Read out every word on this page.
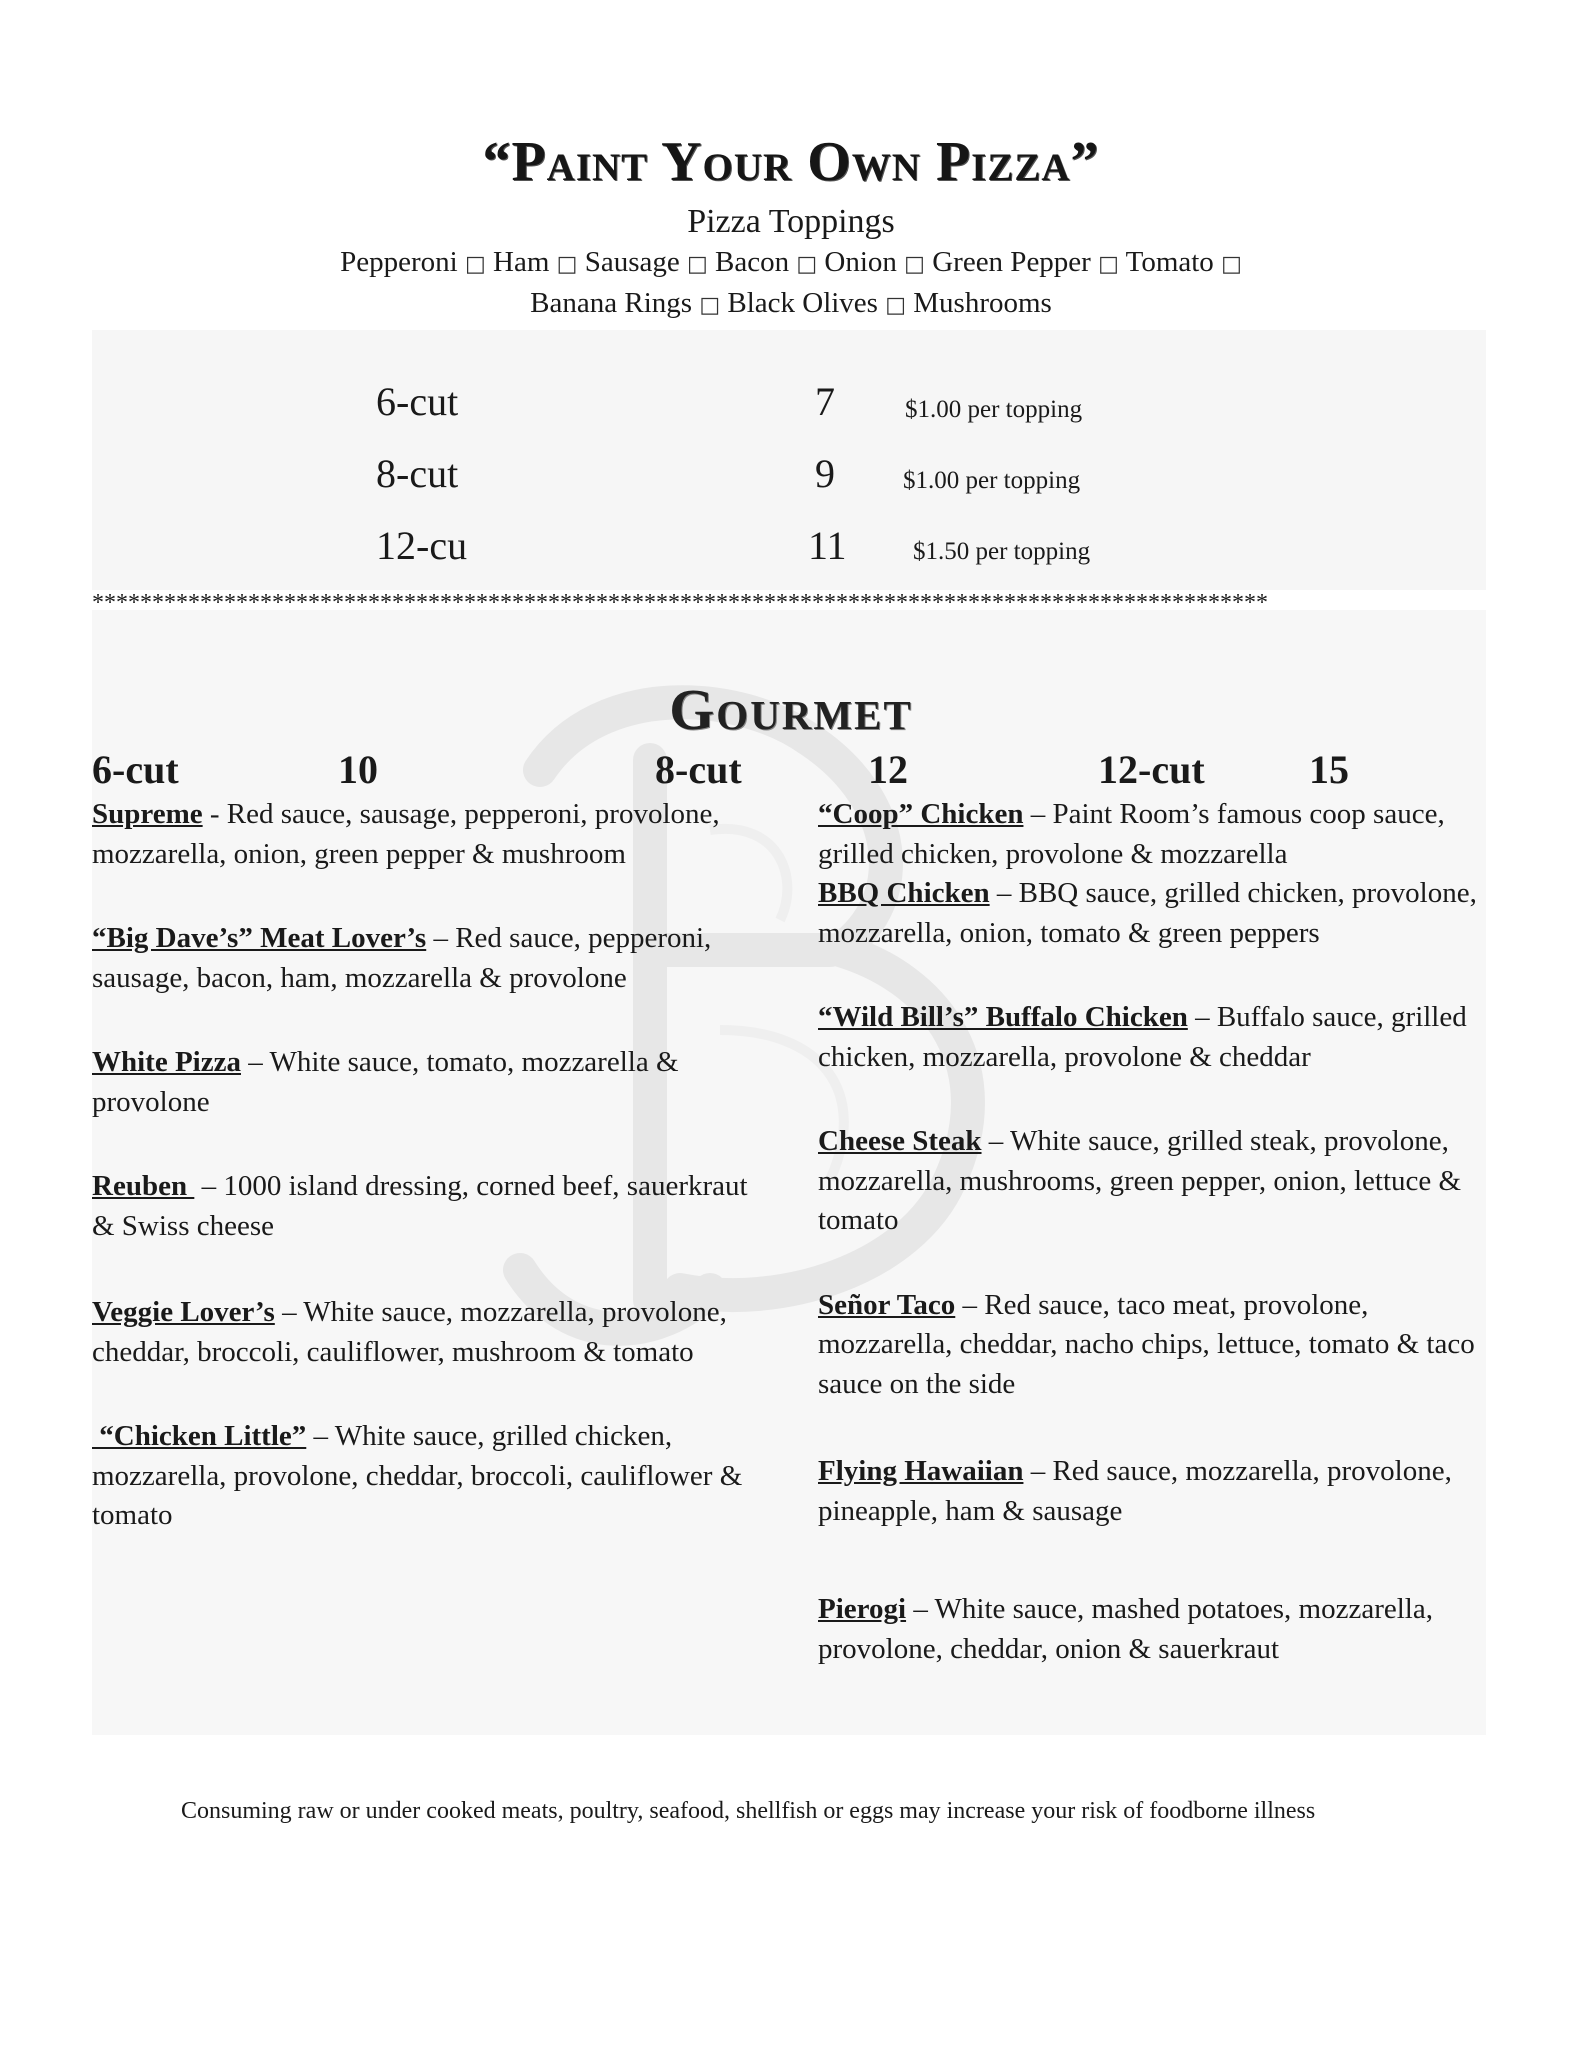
“Paint Your Own Pizza”
Pizza Toppings
Pepperoni □ Ham □ Sausage □ Bacon □ Onion □ Green Pepper □ Tomato □
Banana Rings □ Black Olives □ Mushrooms
6-cut	7	$1.00 per topping
8-cut	9	$1.00 per topping
12-cu	11	$1.50 per topping
**************************************************************************************************
Gourmet
6-cut	10	8-cut	12	12-cut	15

Supreme - Red sauce, sausage, pepperoni, provolone, mozzarella, onion, green pepper & mushroom

“Big Dave’s” Meat Lover’s – Red sauce, pepperoni, sausage, bacon, ham, mozzarella & provolone

White Pizza – White sauce, tomato, mozzarella & provolone

Reuben  – 1000 island dressing, corned beef, sauerkraut & Swiss cheese

Veggie Lover’s – White sauce, mozzarella, provolone, cheddar, broccoli, cauliflower, mushroom & tomato

“Chicken Little” – White sauce, grilled chicken, mozzarella, provolone, cheddar, broccoli, cauliflower & tomato

“Coop” Chicken – Paint Room’s famous coop sauce, grilled chicken, provolone & mozzarella

BBQ Chicken – BBQ sauce, grilled chicken, provolone, mozzarella, onion, tomato & green peppers

“Wild Bill’s” Buffalo Chicken – Buffalo sauce, grilled chicken, mozzarella, provolone & cheddar

Cheese Steak – White sauce, grilled steak, provolone, mozzarella, mushrooms, green pepper, onion, lettuce & tomato

Señor Taco – Red sauce, taco meat, provolone, mozzarella, cheddar, nacho chips, lettuce, tomato & taco sauce on the side

Flying Hawaiian – Red sauce, mozzarella, provolone, pineapple, ham & sausage

Pierogi – White sauce, mashed potatoes, mozzarella, provolone, cheddar, onion & sauerkraut

Consuming raw or under cooked meats, poultry, seafood, shellfish or eggs may increase your risk of foodborne illness
